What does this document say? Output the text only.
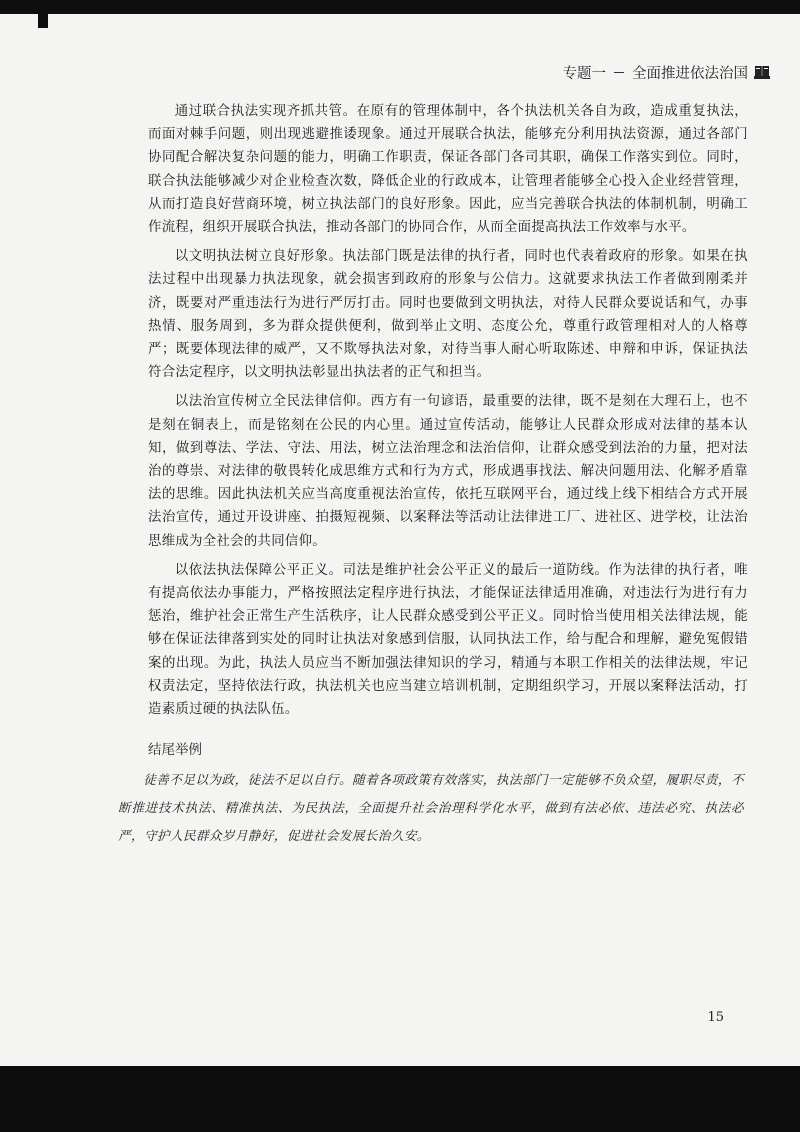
专题一 全面推进依法治国

通过联合执法实现齐抓共管。在原有的管理体制中，各个执法机关各自为政，造成重复执法，而面对棘手问题，则出现逃避推诿现象。通过开展联合执法，能够充分利用执法资源，通过各部门协同配合解决复杂问题的能力，明确工作职责，保证各部门各司其职，确保工作落实到位。同时，联合执法能够减少对企业检查次数，降低企业的行政成本，让管理者能够全心投入企业经营管理，从而打造良好营商环境，树立执法部门的良好形象。因此，应当完善联合执法的体制机制，明确工作流程，组织开展联合执法，推动各部门的协同合作，从而全面提高执法工作效率与水平。

以文明执法树立良好形象。执法部门既是法律的执行者，同时也代表着政府的形象。如果在执法过程中出现暴力执法现象，就会损害到政府的形象与公信力。这就要求执法工作者做到刚柔并济，既要对严重违法行为进行严厉打击。同时也要做到文明执法，对待人民群众要说话和气，办事热情、服务周到，多为群众提供便利，做到举止文明、态度公允，尊重行政管理相对人的人格尊严；既要体现法律的威严，又不欺辱执法对象，对待当事人耐心听取陈述、申辩和申诉，保证执法符合法定程序，以文明执法彰显出执法者的正气和担当。

以法治宣传树立全民法律信仰。西方有一句谚语，最重要的法律，既不是刻在大理石上，也不是刻在铜表上，而是铭刻在公民的内心里。通过宣传活动，能够让人民群众形成对法律的基本认知，做到尊法、学法、守法、用法，树立法治理念和法治信仰，让群众感受到法治的力量，把对法治的尊崇、对法律的敬畏转化成思维方式和行为方式，形成遇事找法、解决问题用法、化解矛盾靠法的思维。因此执法机关应当高度重视法治宣传，依托互联网平台，通过线上线下相结合方式开展法治宣传，通过开设讲座、拍摄短视频、以案释法等活动让法律进工厂、进社区、进学校，让法治思维成为全社会的共同信仰。

以依法执法保障公平正义。司法是维护社会公平正义的最后一道防线。作为法律的执行者，唯有提高依法办事能力，严格按照法定程序进行执法，才能保证法律适用准确，对违法行为进行有力惩治，维护社会正常生产生活秩序，让人民群众感受到公平正义。同时恰当使用相关法律法规，能够在保证法律落到实处的同时让执法对象感到信服，认同执法工作，给与配合和理解，避免冤假错案的出现。为此，执法人员应当不断加强法律知识的学习，精通与本职工作相关的法律法规，牢记权责法定，坚持依法行政，执法机关也应当建立培训机制，定期组织学习，开展以案释法活动，打造素质过硬的执法队伍。

结尾举例

徒善不足以为政，徒法不足以自行。随着各项政策有效落实，执法部门一定能够不负众望，履职尽责，不断推进技术执法、精准执法、为民执法，全面提升社会治理科学化水平，做到有法必依、违法必究、执法必严，守护人民群众岁月静好，促进社会发展长治久安。

15
